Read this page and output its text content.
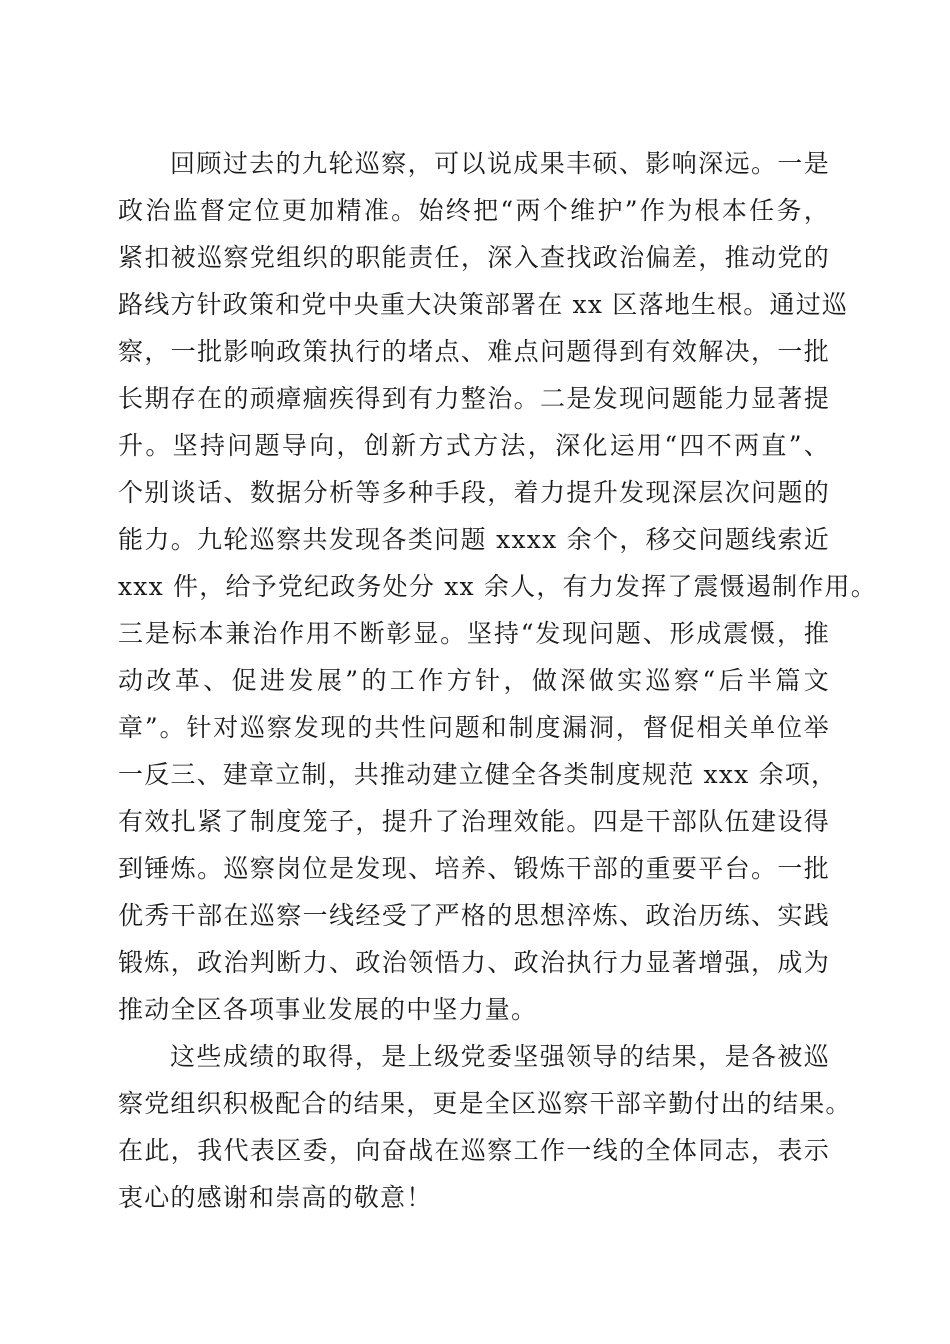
回顾过去的九轮巡察，可以说成果丰硕、影响深远。一是
政治监督定位更加精准。始终把“两个维护”作为根本任务，
紧扣被巡察党组织的职能责任，深入查找政治偏差，推动党的
路线方针政策和党中央重大决策部署在 xx 区落地生根。通过巡
察，一批影响政策执行的堵点、难点问题得到有效解决，一批
长期存在的顽瘴痼疾得到有力整治。二是发现问题能力显著提
升。坚持问题导向，创新方式方法，深化运用“四不两直”、
个别谈话、数据分析等多种手段，着力提升发现深层次问题的
能力。九轮巡察共发现各类问题 xxxx 余个，移交问题线索近
xxx 件，给予党纪政务处分 xx 余人，有力发挥了震慑遏制作用。
三是标本兼治作用不断彰显。坚持“发现问题、形成震慑，推
动改革、促进发展”的工作方针，做深做实巡察“后半篇文
章”。针对巡察发现的共性问题和制度漏洞，督促相关单位举
一反三、建章立制，共推动建立健全各类制度规范 xxx 余项，
有效扎紧了制度笼子，提升了治理效能。四是干部队伍建设得
到锤炼。巡察岗位是发现、培养、锻炼干部的重要平台。一批
优秀干部在巡察一线经受了严格的思想淬炼、政治历练、实践
锻炼，政治判断力、政治领悟力、政治执行力显著增强，成为
推动全区各项事业发展的中坚力量。
这些成绩的取得，是上级党委坚强领导的结果，是各被巡
察党组织积极配合的结果，更是全区巡察干部辛勤付出的结果。
在此，我代表区委，向奋战在巡察工作一线的全体同志，表示
衷心的感谢和崇高的敬意！
